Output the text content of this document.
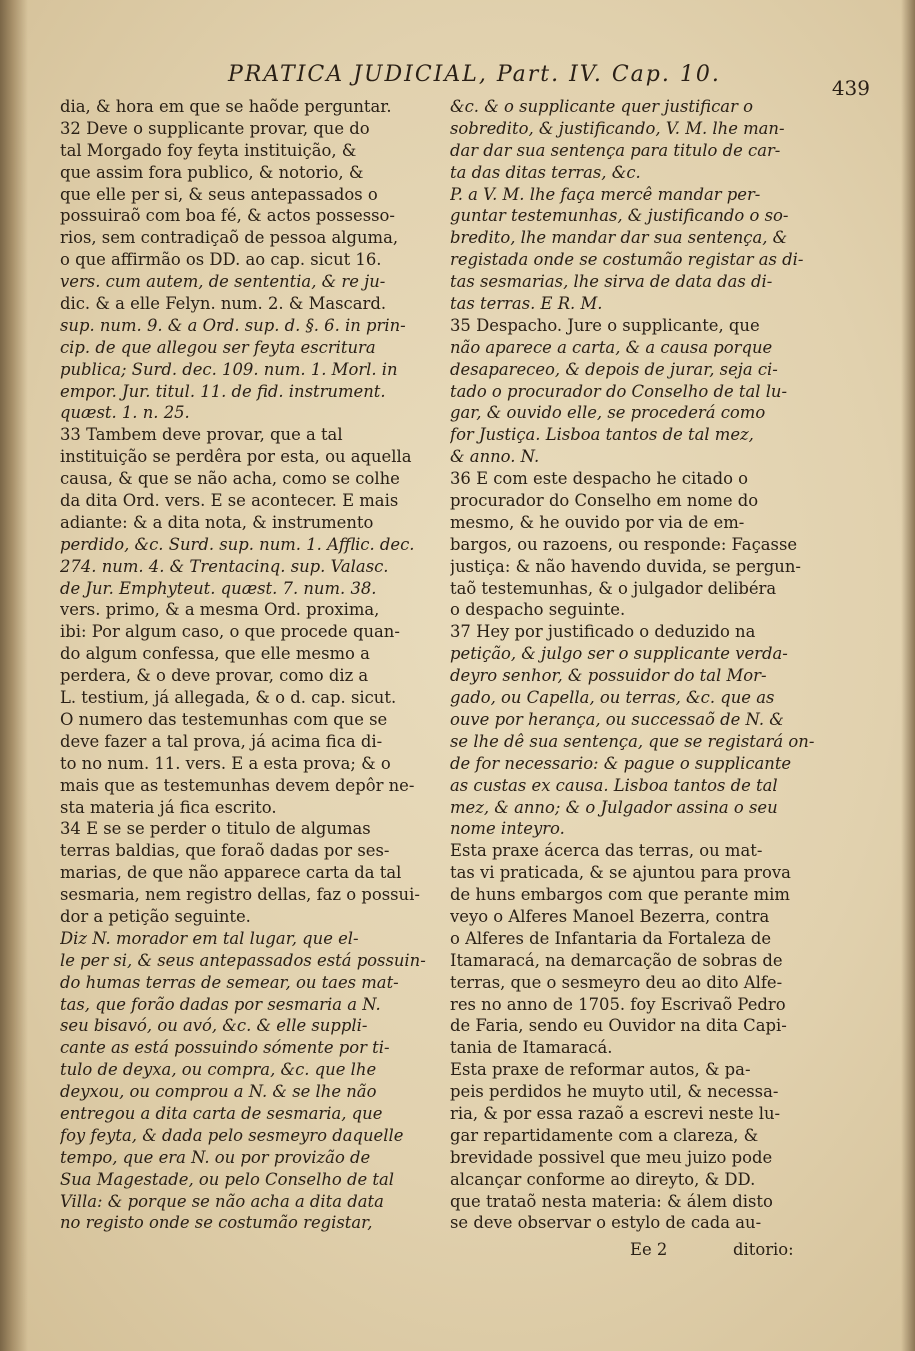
PRATICA JUDICIAL, Part. IV. Cap. 10.
439
dia, & hora em que se haõde perguntar.
32 Deve o supplicante provar, que do
tal Morgado foy feyta instituição, &
que assim fora publico, & notorio, &
que elle per si, & seus antepassados o
possuiraõ com boa fé, & actos possesso-
rios, sem contradiçaõ de pessoa alguma,
o que affirmão os DD. ao cap. sicut 16.
vers. cum autem, de sententia, & re ju-
dic. & a elle Felyn. num. 2. & Mascard.
sup. num. 9. & a Ord. sup. d. §. 6. in prin-
cip. de que allegou ser feyta escritura
publica; Surd. dec. 109. num. 1. Morl. in
empor. Jur. titul. 11. de fid. instrument.
quæst. 1. n. 25.
33 Tambem deve provar, que a tal
instituição se perdêra por esta, ou aquella
causa, & que se não acha, como se colhe
da dita Ord. vers. E se acontecer. E mais
adiante: & a dita nota, & instrumento
perdido, &c. Surd. sup. num. 1. Afflic. dec.
274. num. 4. & Trentacinq. sup. Valasc.
de Jur. Emphyteut. quæst. 7. num. 38.
vers. primo, & a mesma Ord. proxima,
ibi: Por algum caso, o que procede quan-
do algum confessa, que elle mesmo a
perdera, & o deve provar, como diz a
L. testium, já allegada, & o d. cap. sicut.
O numero das testemunhas com que se
deve fazer a tal prova, já acima fica di-
to no num. 11. vers. E a esta prova; & o
mais que as testemunhas devem depôr ne-
sta materia já fica escrito.
34 E se se perder o titulo de algumas
terras baldias, que foraõ dadas por ses-
marias, de que não apparece carta da tal
sesmaria, nem registro dellas, faz o possui-
dor a petição seguinte.
Diz N. morador em tal lugar, que el-
le per si, & seus antepassados está possuin-
do humas terras de semear, ou taes mat-
tas, que forão dadas por sesmaria a N.
seu bisavó, ou avó, &c. & elle suppli-
cante as está possuindo sómente por ti-
tulo de deyxa, ou compra, &c. que lhe
deyxou, ou comprou a N. & se lhe não
entregou a dita carta de sesmaria, que
foy feyta, & dada pelo sesmeyro daquelle
tempo, que era N. ou por provizão de
Sua Magestade, ou pelo Conselho de tal
Villa: & porque se não acha a dita data
no registo onde se costumão registar,
&c. & o supplicante quer justificar o
sobredito, & justificando, V. M. lhe man-
dar dar sua sentença para titulo de car-
ta das ditas terras, &c.
P. a V. M. lhe faça mercê mandar per-
guntar testemunhas, & justificando o so-
bredito, lhe mandar dar sua sentença, &
registada onde se costumão registar as di-
tas sesmarias, lhe sirva de data das di-
tas terras. E R. M.
35 Despacho. Jure o supplicante, que
não aparece a carta, & a causa porque
desapareceo, & depois de jurar, seja ci-
tado o procurador do Conselho de tal lu-
gar, & ouvido elle, se procederá como
for Justiça. Lisboa tantos de tal mez,
& anno. N.
36 E com este despacho he citado o
procurador do Conselho em nome do
mesmo, & he ouvido por via de em-
bargos, ou razoens, ou responde: Façasse
justiça: & não havendo duvida, se pergun-
taõ testemunhas, & o julgador delibéra
o despacho seguinte.
37 Hey por justificado o deduzido na
petição, & julgo ser o supplicante verda-
deyro senhor, & possuidor do tal Mor-
gado, ou Capella, ou terras, &c. que as
ouve por herança, ou successaõ de N. &
se lhe dê sua sentença, que se registará on-
de for necessario: & pague o supplicante
as custas ex causa. Lisboa tantos de tal
mez, & anno; & o Julgador assina o seu
nome inteyro.
Esta praxe ácerca das terras, ou mat-
tas vi praticada, & se ajuntou para prova
de huns embargos com que perante mim
veyo o Alferes Manoel Bezerra, contra
o Alferes de Infantaria da Fortaleza de
Itamaracá, na demarcação de sobras de
terras, que o sesmeyro deu ao dito Alfe-
res no anno de 1705. foy Escrivaõ Pedro
de Faria, sendo eu Ouvidor na dita Capi-
tania de Itamaracá.
Esta praxe de reformar autos, & pa-
peis perdidos he muyto util, & necessa-
ria, & por essa razaõ a escrevi neste lu-
gar repartidamente com a clareza, &
brevidade possivel que meu juizo pode
alcançar conforme ao direyto, & DD.
que trataõ nesta materia: & álem disto
se deve observar o estylo de cada au-
Ee 2	ditorio:
